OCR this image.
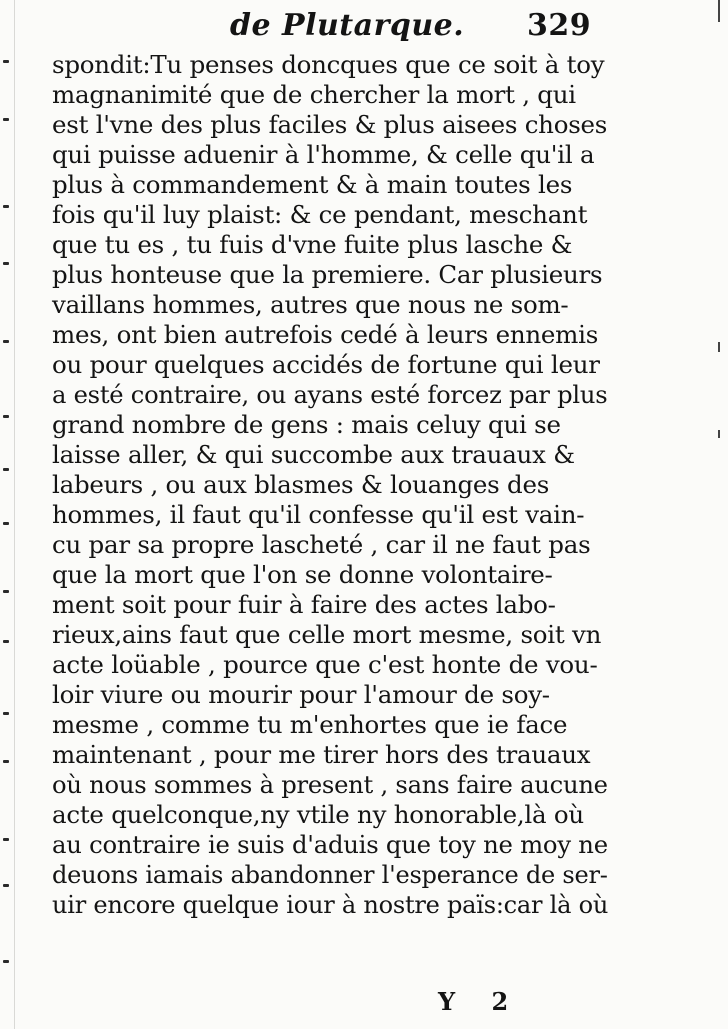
de Plutarque. 329
spondit:Tu penses doncques que ce soit à toy
magnanimité que de chercher la mort , qui
est l'vne des plus faciles & plus aisees choses
qui puisse aduenir à l'homme, & celle qu'il a
plus à commandement & à main toutes les
fois qu'il luy plaist: & ce pendant, meschant
que tu es , tu fuis d'vne fuite plus lasche &
plus honteuse que la premiere. Car plusieurs
vaillans hommes, autres que nous ne som-
mes, ont bien autrefois cedé à leurs ennemis
ou pour quelques accidés de fortune qui leur
a esté contraire, ou ayans esté forcez par plus
grand nombre de gens : mais celuy qui se
laisse aller, & qui succombe aux trauaux &
labeurs , ou aux blasmes & louanges des
hommes, il faut qu'il confesse qu'il est vain-
cu par sa propre lascheté , car il ne faut pas
que la mort que l'on se donne volontaire-
ment soit pour fuir à faire des actes labo-
rieux,ains faut que celle mort mesme, soit vn
acte loüable , pource que c'est honte de vou-
loir viure ou mourir pour l'amour de soy-
mesme , comme tu m'enhortes que ie face
maintenant , pour me tirer hors des trauaux
où nous sommes à present , sans faire aucune
acte quelconque,ny vtile ny honorable,là où
au contraire ie suis d'aduis que toy ne moy ne
deuons iamais abandonner l'esperance de ser-
uir encore quelque iour à nostre païs:car là où
Y 2
